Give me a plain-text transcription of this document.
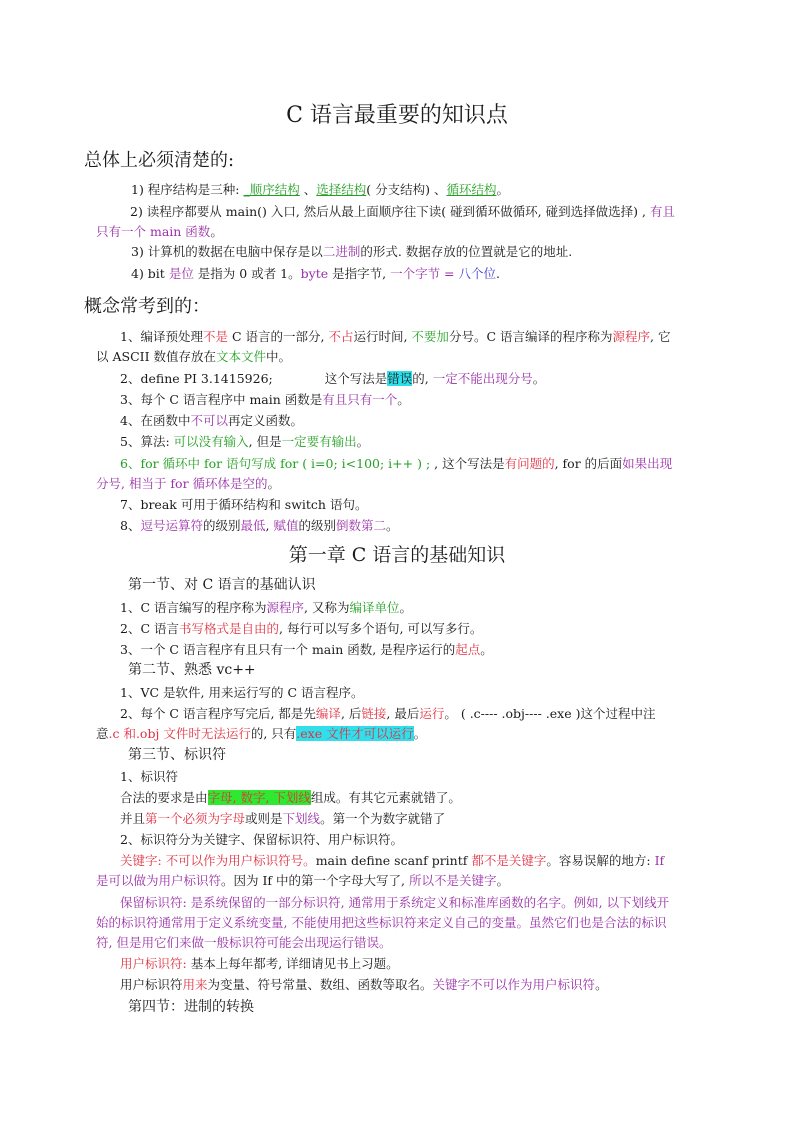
C 语言最重要的知识点
总体上必须清楚的:
1) 程序结构是三种: _顺序结构 、选择结构( 分支结构) 、循环结构。
2) 读程序都要从 main() 入口, 然后从最上面顺序往下读( 碰到循环做循环, 碰到选择做选择) , 有且只有一个 main 函数。
3) 计算机的数据在电脑中保存是以二进制的形式. 数据存放的位置就是它的地址.
4) bit 是位 是指为 0 或者 1。byte 是指字节, 一个字节 = 八个位.
概念常考到的：
1、编译预处理不是 C 语言的一部分, 不占运行时间, 不要加分号。C 语言编译的程序称为源程序, 它以 ASCII 数值存放在文本文件中。
2、define PI 3.1415926;	这个写法是错误的, 一定不能出现分号。
3、每个 C 语言程序中 main 函数是有且只有一个。
4、在函数中不可以再定义函数。
5、算法: 可以没有输入, 但是一定要有输出。
6、for 循环中 for 语句写成 for ( i=0; i<100; i++ ) ; , 这个写法是有问题的, for 的后面如果出现分号, 相当于 for 循环体是空的。
7、break 可用于循环结构和 switch 语句。
8、逗号运算符的级别最低, 赋值的级别倒数第二。
第一章 C 语言的基础知识
第一节、对 C 语言的基础认识
1、C 语言编写的程序称为源程序, 又称为编译单位。
2、C 语言书写格式是自由的, 每行可以写多个语句, 可以写多行。
3、一个 C 语言程序有且只有一个 main 函数, 是程序运行的起点。
第二节、熟悉 vc++
1、VC 是软件, 用来运行写的 C 语言程序。
2、每个 C 语言程序写完后, 都是先编译, 后链接, 最后运行。 ( .c---- .obj---- .exe )这个过程中注意.c 和.obj 文件时无法运行的, 只有.exe 文件才可以运行。
第三节、标识符
1、标识符
合法的要求是由字母, 数字, 下划线组成。有其它元素就错了。
并且第一个必须为字母或则是下划线。第一个为数字就错了
2、标识符分为关键字、保留标识符、用户标识符。
关键字: 不可以作为用户标识符号。main define scanf printf 都不是关键字。容易误解的地方: If 是可以做为用户标识符。因为 If 中的第一个字母大写了, 所以不是关键字。
保留标识符: 是系统保留的一部分标识符, 通常用于系统定义和标准库函数的名字。例如, 以下划线开始的标识符通常用于定义系统变量, 不能使用把这些标识符来定义自己的变量。虽然它们也是合法的标识符, 但是用它们来做一般标识符可能会出现运行错误。
用户标识符: 基本上每年都考, 详细请见书上习题。
用户标识符用来为变量、符号常量、数组、函数等取名。关键字不可以作为用户标识符。
第四节：进制的转换
